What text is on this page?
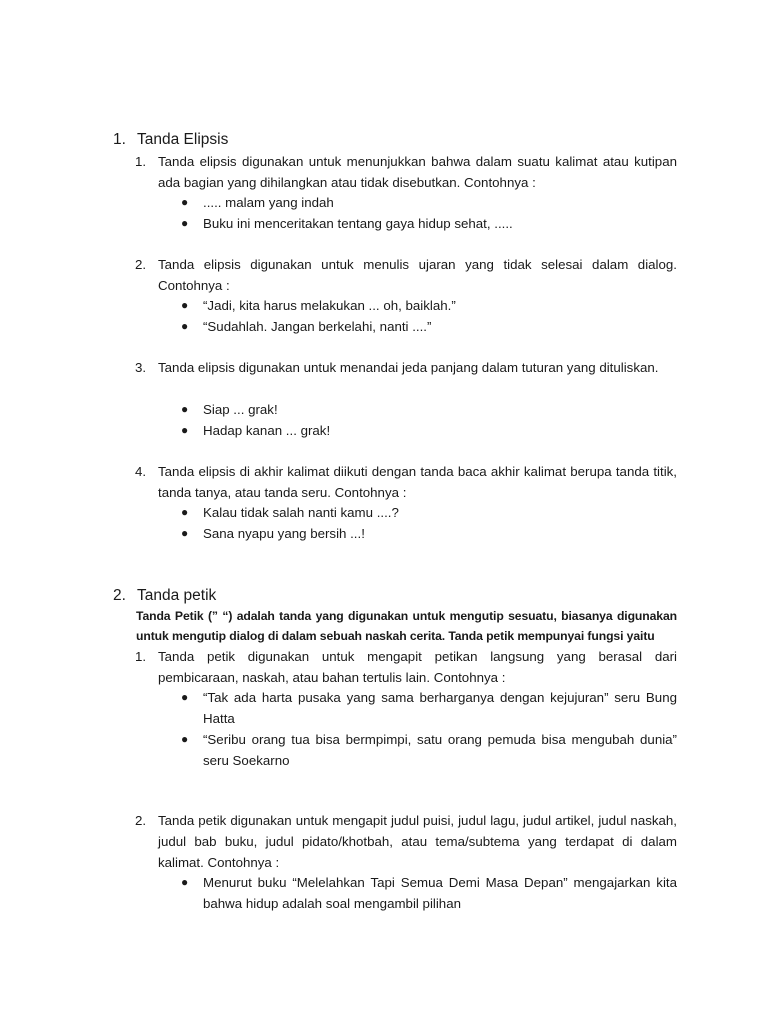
1. Tanda Elipsis
1. Tanda elipsis digunakan untuk menunjukkan bahwa dalam suatu kalimat atau kutipan ada bagian yang dihilangkan atau tidak disebutkan. Contohnya :
● ..... malam yang indah
● Buku ini menceritakan tentang gaya hidup sehat, .....
2. Tanda elipsis digunakan untuk menulis ujaran yang tidak selesai dalam dialog. Contohnya :
● “Jadi, kita harus melakukan ... oh, baiklah.”
● “Sudahlah. Jangan berkelahi, nanti ....”
3. Tanda elipsis digunakan untuk menandai jeda panjang dalam tuturan yang dituliskan.
● Siap ... grak!
● Hadap kanan ... grak!
4. Tanda elipsis di akhir kalimat diikuti dengan tanda baca akhir kalimat berupa tanda titik, tanda tanya, atau tanda seru. Contohnya :
● Kalau tidak salah nanti kamu ....?
● Sana nyapu yang bersih ...!
2. Tanda petik
Tanda Petik (” “) adalah tanda yang digunakan untuk mengutip sesuatu, biasanya digunakan untuk mengutip dialog di dalam sebuah naskah cerita. Tanda petik mempunyai fungsi yaitu
1. Tanda petik digunakan untuk mengapit petikan langsung yang berasal dari pembicaraan, naskah, atau bahan tertulis lain. Contohnya :
● “Tak ada harta pusaka yang sama berharganya dengan kejujuran” seru Bung Hatta
● “Seribu orang tua bisa bermpimpi, satu orang pemuda bisa mengubah dunia” seru Soekarno
2. Tanda petik digunakan untuk mengapit judul puisi, judul lagu, judul artikel, judul naskah, judul bab buku, judul pidato/khotbah, atau tema/subtema yang terdapat di dalam kalimat. Contohnya :
● Menurut buku “Melelahkan Tapi Semua Demi Masa Depan” mengajarkan kita bahwa hidup adalah soal mengambil pilihan
